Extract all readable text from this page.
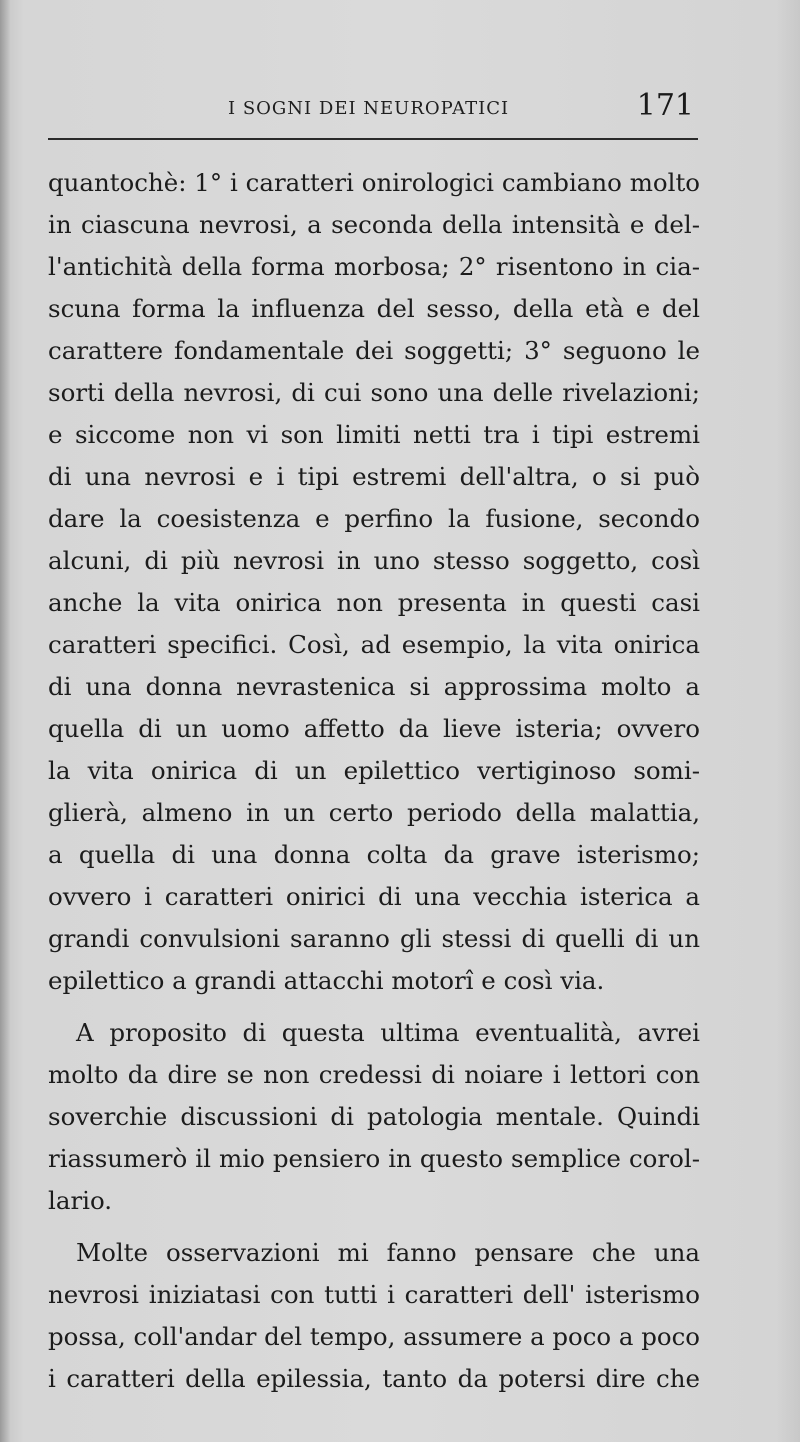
I SOGNI DEI NEUROPATICI	171
quantochè: 1° i caratteri onirologici cambiano molto
in ciascuna nevrosi, a seconda della intensità e del-
l'antichità della forma morbosa; 2° risentono in cia-
scuna forma la influenza del sesso, della età e del
carattere fondamentale dei soggetti; 3° seguono le
sorti della nevrosi, di cui sono una delle rivelazioni;
e siccome non vi son limiti netti tra i tipi estremi
di una nevrosi e i tipi estremi dell'altra, o si può
dare la coesistenza e perfino la fusione, secondo
alcuni, di più nevrosi in uno stesso soggetto, così
anche la vita onirica non presenta in questi casi
caratteri specifici. Così, ad esempio, la vita onirica
di una donna nevrastenica si approssima molto a
quella di un uomo affetto da lieve isteria; ovvero
la vita onirica di un epilettico vertiginoso somi-
glierà, almeno in un certo periodo della malattia,
a quella di una donna colta da grave isterismo;
ovvero i caratteri onirici di una vecchia isterica a
grandi convulsioni saranno gli stessi di quelli di un
epilettico a grandi attacchi motorî e così via.
A proposito di questa ultima eventualità, avrei
molto da dire se non credessi di noiare i lettori con
soverchie discussioni di patologia mentale. Quindi
riassumerò il mio pensiero in questo semplice corol-
lario.
Molte osservazioni mi fanno pensare che una
nevrosi iniziatasi con tutti i caratteri dell' isterismo
possa, coll'andar del tempo, assumere a poco a poco
i caratteri della epilessia, tanto da potersi dire che
